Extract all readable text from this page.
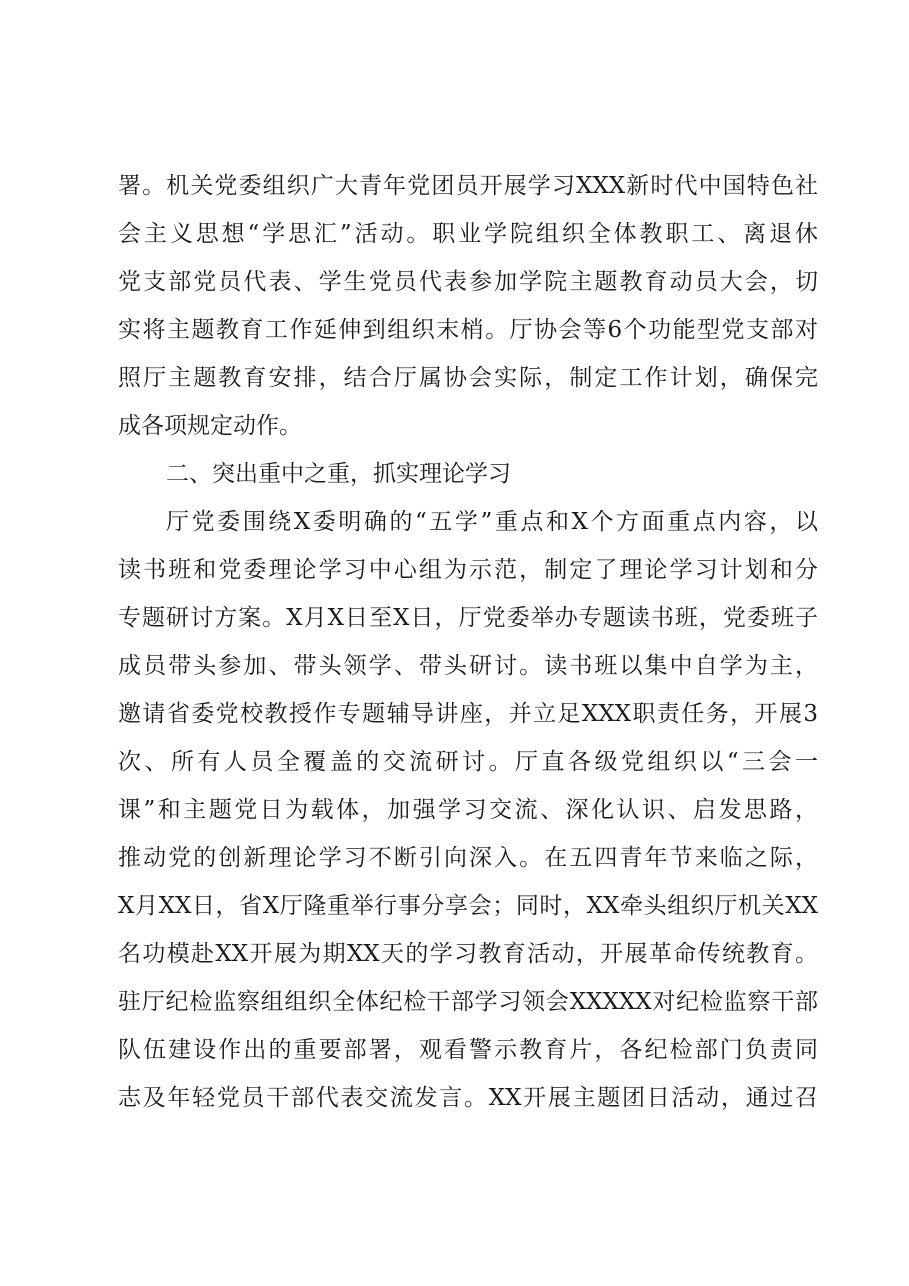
署。机关党委组织广大青年党团员开展学习XXX新时代中国特色社
会主义思想“学思汇”活动。职业学院组织全体教职工、离退休
党支部党员代表、学生党员代表参加学院主题教育动员大会，切
实将主题教育工作延伸到组织末梢。厅协会等6个功能型党支部对
照厅主题教育安排，结合厅属协会实际，制定工作计划，确保完
成各项规定动作。
二、突出重中之重，抓实理论学习
厅党委围绕X委明确的“五学”重点和X个方面重点内容，以
读书班和党委理论学习中心组为示范，制定了理论学习计划和分
专题研讨方案。X月X日至X日，厅党委举办专题读书班，党委班子
成员带头参加、带头领学、带头研讨。读书班以集中自学为主，
邀请省委党校教授作专题辅导讲座，并立足XXX职责任务，开展3
次、所有人员全覆盖的交流研讨。厅直各级党组织以“三会一
课”和主题党日为载体，加强学习交流、深化认识、启发思路，
推动党的创新理论学习不断引向深入。在五四青年节来临之际，
X月XX日，省X厅隆重举行事分享会；同时，XX牵头组织厅机关XX
名功模赴XX开展为期XX天的学习教育活动，开展革命传统教育。
驻厅纪检监察组组织全体纪检干部学习领会XXXXX对纪检监察干部
队伍建设作出的重要部署，观看警示教育片，各纪检部门负责同
志及年轻党员干部代表交流发言。XX开展主题团日活动，通过召
